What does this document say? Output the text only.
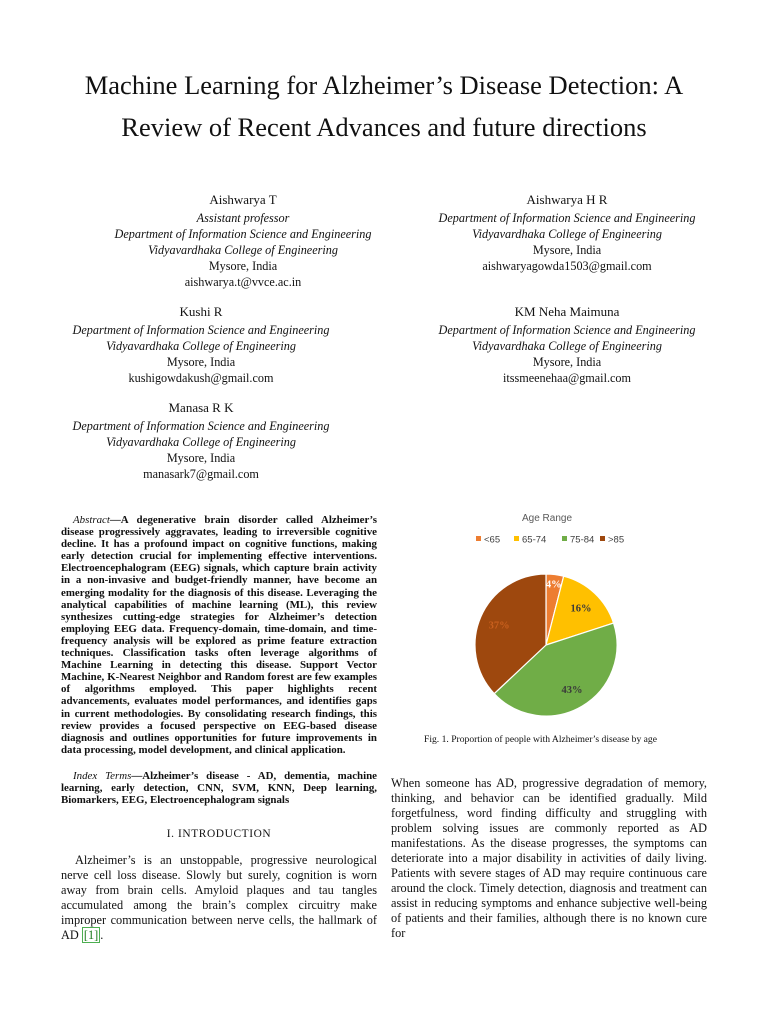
Machine Learning for Alzheimer’s Disease Detection: A Review of Recent Advances and future directions
Aishwarya T
Assistant professor
Department of Information Science and Engineering
Vidyavardhaka College of Engineering
Mysore, India
aishwarya.t@vvce.ac.in
Aishwarya H R
Department of Information Science and Engineering
Vidyavardhaka College of Engineering
Mysore, India
aishwaryagowda1503@gmail.com
Kushi R
Department of Information Science and Engineering
Vidyavardhaka College of Engineering
Mysore, India
kushigowdakush@gmail.com
KM Neha Maimuna
Department of Information Science and Engineering
Vidyavardhaka College of Engineering
Mysore, India
itssmeenehaa@gmail.com
Manasa R K
Department of Information Science and Engineering
Vidyavardhaka College of Engineering
Mysore, India
manasark7@gmail.com
Abstract—A degenerative brain disorder called Alzheimer’s disease progressively aggravates, leading to irreversible cognitive decline. It has a profound impact on cognitive functions, making early detection crucial for implementing effective interventions. Electroencephalogram (EEG) signals, which capture brain activity in a non-invasive and budget-friendly manner, have become an emerging modality for the diagnosis of this disease. Leveraging the analytical capabilities of machine learning (ML), this review synthesizes cutting-edge strategies for Alzheimer’s detection employing EEG data. Frequency-domain, time-domain, and time-frequency analysis will be explored as prime feature extraction techniques. Classification tasks often leverage algorithms of Machine Learning in detecting this disease. Support Vector Machine, K-Nearest Neighbor and Random forest are few examples of algorithms employed. This paper highlights recent advancements, evaluates model performances, and identifies gaps in current methodologies. By consolidating research findings, this review provides a focused perspective on EEG-based disease diagnosis and outlines opportunities for future improvements in data processing, model development, and clinical application.
Index Terms—Alzheimer’s disease - AD, dementia, machine learning, early detection, CNN, SVM, KNN, Deep learning, Biomarkers, EEG, Electroencephalogram signals
I. INTRODUCTION
Alzheimer’s is an unstoppable, progressive neurological nerve cell loss disease. Slowly but surely, cognition is worn away from brain cells. Amyloid plaques and tau tangles accumulated among the brain’s complex circuitry make improper communication between nerve cells, the hallmark of AD [1] .
Age Range
<65 65-74 75-84 >85
4%
16%
43%
37%
Fig. 1. Proportion of people with Alzheimer’s disease by age
When someone has AD, progressive degradation of memory, thinking, and behavior can be identified gradually. Mild forgetfulness, word finding difficulty and struggling with problem solving issues are commonly reported as AD manifestations. As the disease progresses, the symptoms can deteriorate into a major disability in activities of daily living. Patients with severe stages of AD may require continuous care around the clock. Timely detection, diagnosis and treatment can assist in reducing symptoms and enhance subjective well-being of patients and their families, although there is no known cure for
